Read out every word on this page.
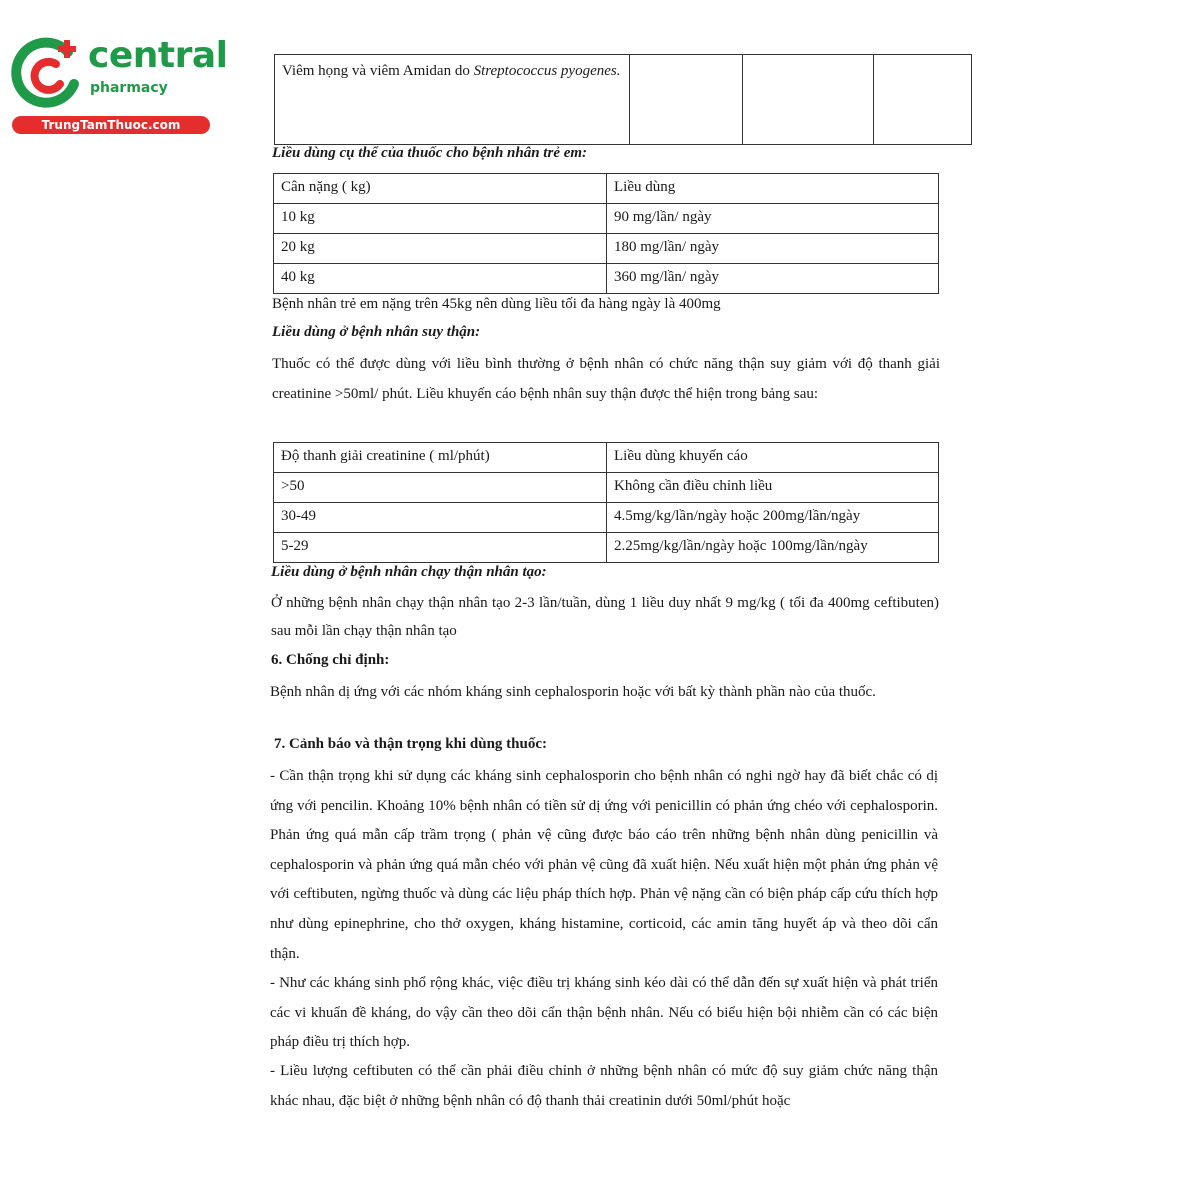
central
pharmacy
TrungTamThuoc.com
Viêm họng và viêm Amidan do Streptococcus pyogenes.			
Liều dùng cụ thể của thuốc cho bệnh nhân trẻ em:
Cân nặng ( kg)	Liều dùng
10 kg	90 mg/lần/ ngày
20 kg	180 mg/lần/ ngày
40 kg	360 mg/lần/ ngày
Bệnh nhân trẻ em nặng trên 45kg nên dùng liều tối đa hàng ngày là 400mg
Liều dùng ở bệnh nhân suy thận:
Thuốc có thể được dùng với liều bình thường ở bệnh nhân có chức năng thận suy giảm với độ thanh giải creatinine >50ml/ phút. Liều khuyến cáo bệnh nhân suy thận được thể hiện trong bảng sau:
Độ thanh giải creatinine ( ml/phút)	Liều dùng khuyến cáo
>50	Không cần điều chỉnh liều
30-49	4.5mg/kg/lần/ngày hoặc 200mg/lần/ngày
5-29	2.25mg/kg/lần/ngày hoặc 100mg/lần/ngày
Liều dùng ở bệnh nhân chạy thận nhân tạo:
Ở những bệnh nhân chạy thận nhân tạo 2-3 lần/tuần, dùng 1 liều duy nhất 9 mg/kg ( tối đa 400mg ceftibuten) sau mỗi lần chạy thận nhân tạo
6. Chống chỉ định:
Bệnh nhân dị ứng với các nhóm kháng sinh cephalosporin hoặc với bất kỳ thành phần nào của thuốc.
7. Cảnh báo và thận trọng khi dùng thuốc:
- Cần thận trọng khi sử dụng các kháng sinh cephalosporin cho bệnh nhân có nghi ngờ hay đã biết chắc có dị ứng với pencilin. Khoảng 10% bệnh nhân có tiền sử dị ứng với penicillin có phản ứng chéo với cephalosporin. Phản ứng quá mẫn cấp trầm trọng ( phản vệ cũng được báo cáo trên những bệnh nhân dùng penicillin và cephalosporin và phản ứng quá mẫn chéo với phản vệ cũng đã xuất hiện. Nếu xuất hiện một phản ứng phản vệ với ceftibuten, ngừng thuốc và dùng các liệu pháp thích hợp. Phản vệ nặng cần có biện pháp cấp cứu thích hợp như dùng epinephrine, cho thở oxygen, kháng histamine, corticoid, các amin tăng huyết áp và theo dõi cẩn thận.
- Như các kháng sinh phổ rộng khác, việc điều trị kháng sinh kéo dài có thể dẫn đến sự xuất hiện và phát triển các vi khuẩn đề kháng, do vậy cần theo dõi cẩn thận bệnh nhân. Nếu có biểu hiện bội nhiễm cần có các biện pháp điều trị thích hợp.
- Liều lượng ceftibuten có thể cần phải điều chỉnh ở những bệnh nhân có mức độ suy giảm chức năng thận khác nhau, đặc biệt ở những bệnh nhân có độ thanh thải creatinin dưới 50ml/phút hoặc
